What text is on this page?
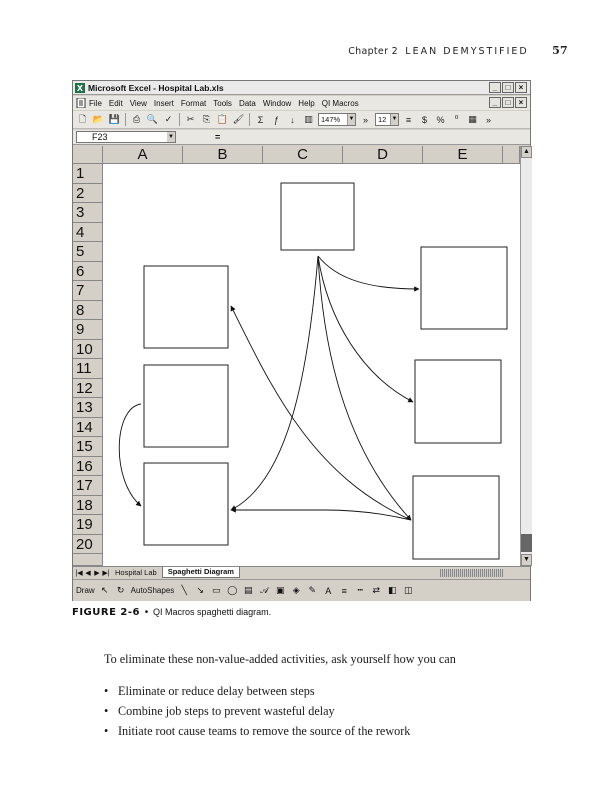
Chapter 2 LEAN DEMYSTIFIED 57
X Microsoft Excel - Hospital Lab.xls	_	□	×
File Edit View Insert Format Tools Data Window Help QI Macros	_	□	×
🗋 📂 💾	⎙ 🔍 ✓	✂ ⎘ 📋 🖌	Σ	ƒ	↓	▥	147% ▼ »	12 ▼ ≡	$	%	⁰	▦	»
F23	▼	=
A	B	C	D	E
1
2
3
4
5
6
7
8
9
10
11
12
13
14
15
16
17
18
19
20
▲
▼
|◀ ◀ ▶ ▶| Hospital Lab	Spaghetti Diagram
Draw ↖ ↻ AutoShapes ╲	↘ ▭ ◯ ▤ 𝒜 ▣ ◈ ✎	A	≡	┅	⇄ ◧ ◫
FIGURE 2-6 • QI Macros spaghetti diagram.
To eliminate these non-value-added activities, ask yourself how you can
• Eliminate or reduce delay between steps
• Combine job steps to prevent wasteful delay
• Initiate root cause teams to remove the source of the rework
